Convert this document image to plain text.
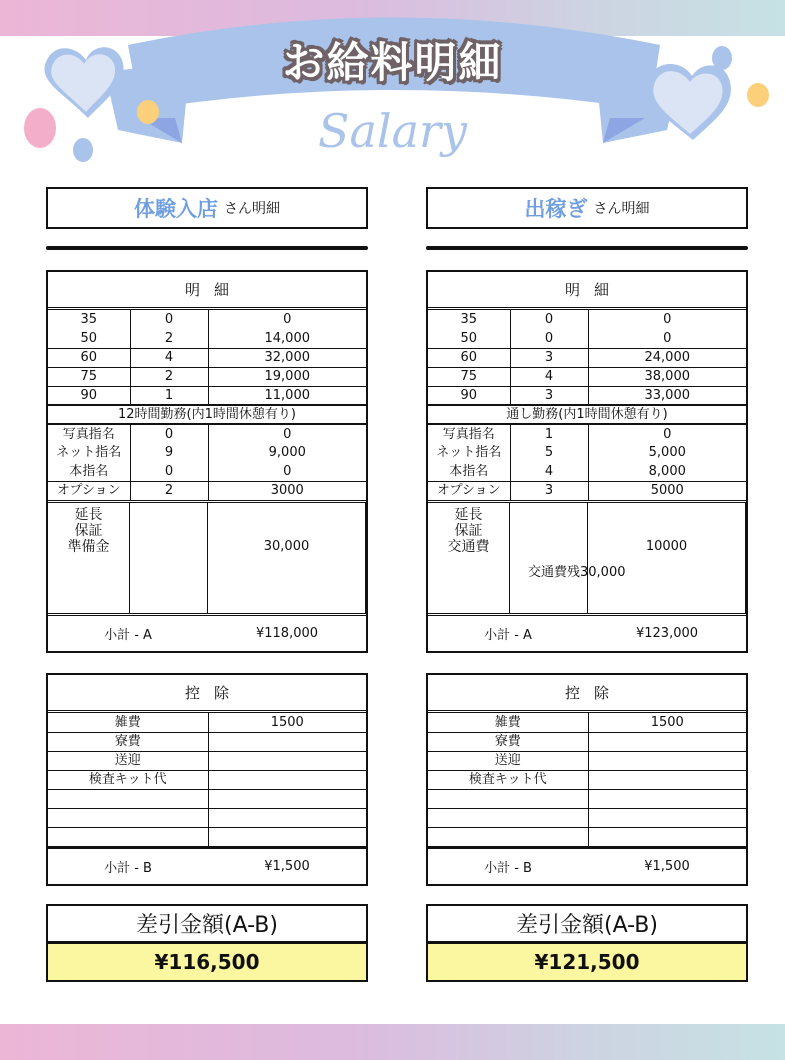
お給料明細
Salary
体験入店 さん明細
明細
35	0	0
50	2	14,000
60	4	32,000
75	2	19,000
90	1	11,000
12時間勤務(内1時間休憩有り)		
写真指名	0	0
ネット指名	9	9,000
本指名	0	0
オプション	2	3000
延長
保証
準備金	30,000
小計 - A	¥118,000
控除
雑費	1500
寮費	
送迎	
検査キット代	

小計 - B	¥1,500
差引金額(A-B)
¥116,500
出稼ぎ さん明細
明細
35	0	0
50	0	0
60	3	24,000
75	4	38,000
90	3	33,000
通し勤務(内1時間休憩有り)		
写真指名	1	0
ネット指名	5	5,000
本指名	4	8,000
オプション	3	5000
延長
保証
交通費	10000
交通費残30,000
小計 - A	¥123,000
控除
雑費	1500
寮費	
送迎	
検査キット代	

小計 - B	¥1,500
差引金額(A-B)
¥121,500
